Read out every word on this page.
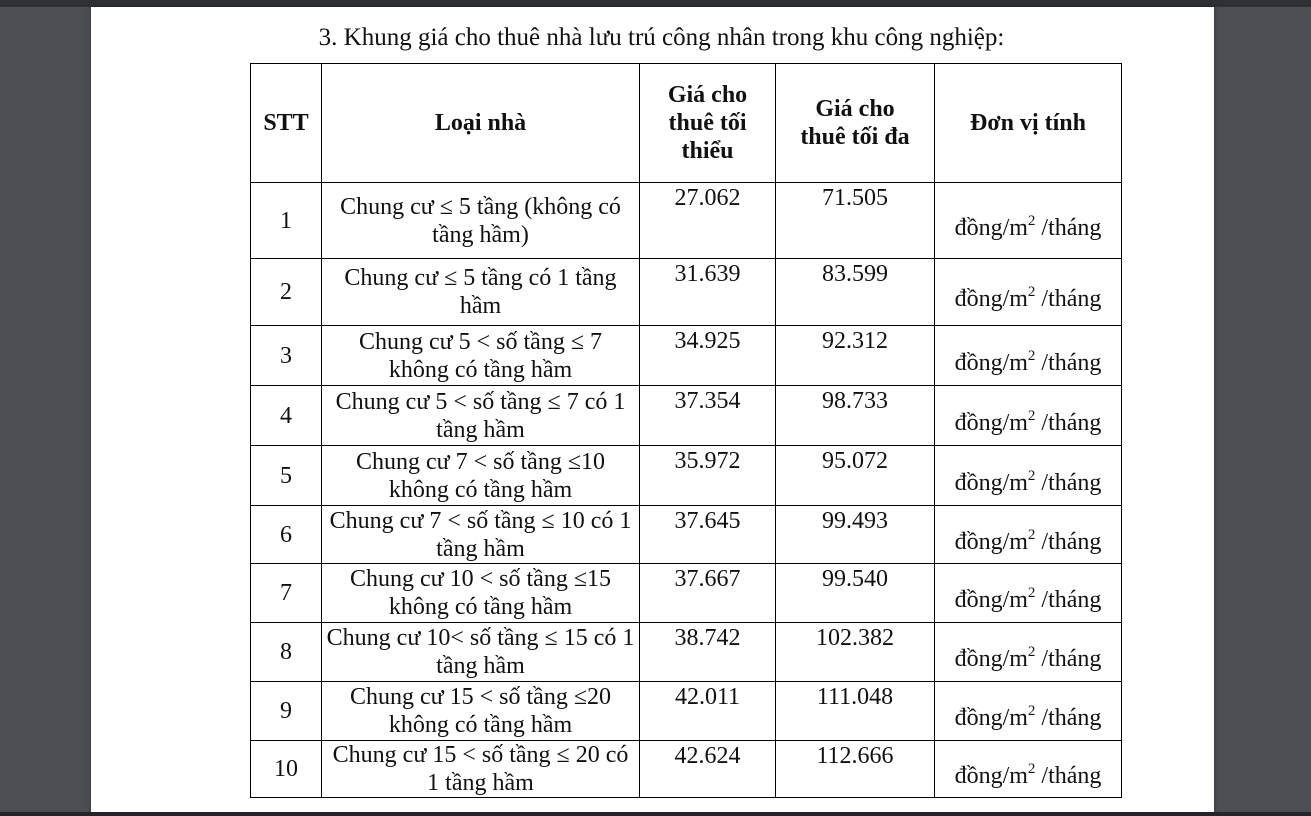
3. Khung giá cho thuê nhà lưu trú công nhân trong khu công nghiệp:
STT	Loại nhà	Giá cho thuê tối thiểu	Giá cho thuê tối đa	Đơn vị tính
1	Chung cư ≤ 5 tầng (không có tầng hầm)	27.062	71.505	đồng/$m^2$ /tháng
2	Chung cư ≤ 5 tầng có 1 tầng hầm	31.639	83.599	đồng/$m^2$ /tháng
3	Chung cư 5 < số tầng ≤ 7 không có tầng hầm	34.925	92.312	đồng/$m^2$ /tháng
4	Chung cư 5 < số tầng ≤ 7 có 1 tầng hầm	37.354	98.733	đồng/$m^2$ /tháng
5	Chung cư 7 < số tầng ≤10 không có tầng hầm	35.972	95.072	đồng/$m^2$ /tháng
6	Chung cư 7 < số tầng ≤ 10 có 1 tầng hầm	37.645	99.493	đồng/$m^2$ /tháng
7	Chung cư 10 < số tầng ≤15 không có tầng hầm	37.667	99.540	đồng/$m^2$ /tháng
8	Chung cư 10< số tầng ≤ 15 có 1 tầng hầm	38.742	102.382	đồng/$m^2$ /tháng
9	Chung cư 15 < số tầng ≤20 không có tầng hầm	42.011	111.048	đồng/$m^2$ /tháng
10	Chung cư 15 < số tầng ≤ 20 có 1 tầng hầm	42.624	112.666	đồng/$m^2$ /tháng
